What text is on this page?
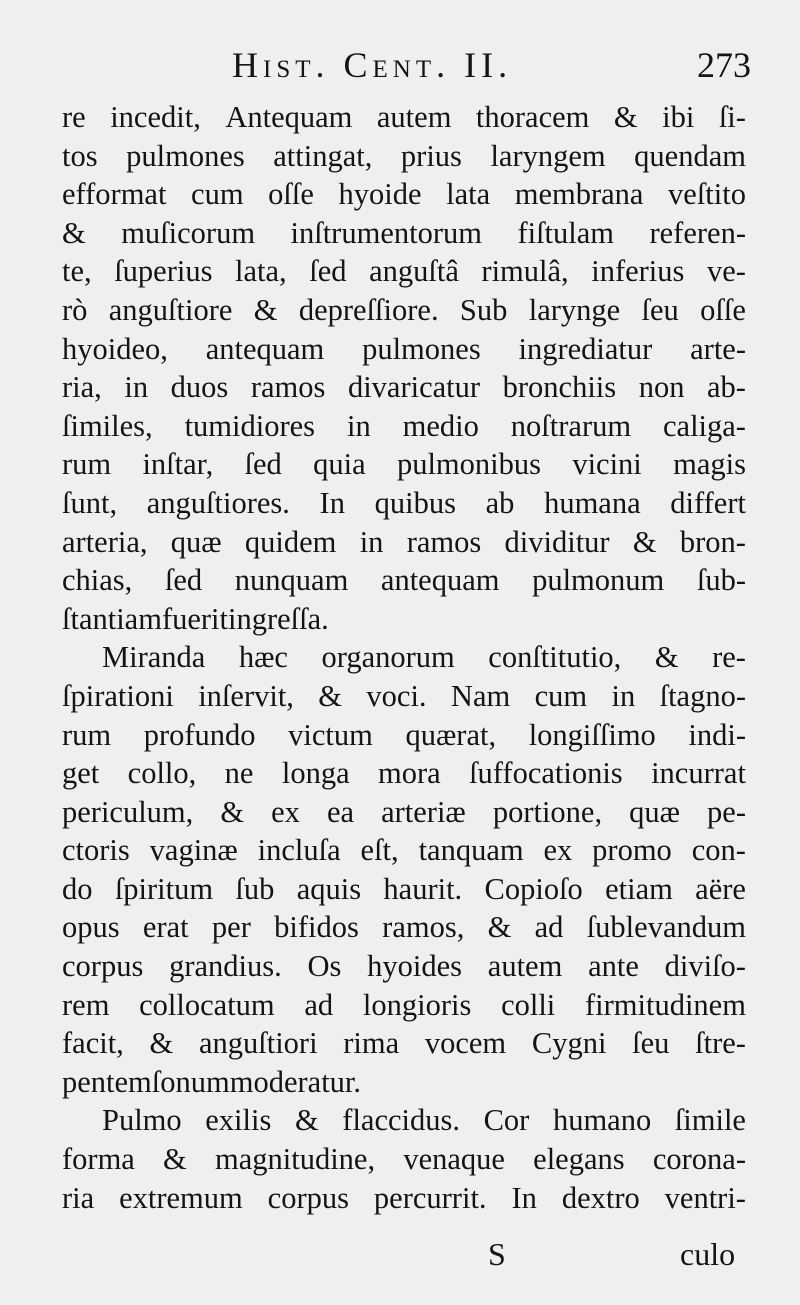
Hist. Cent. II.	273
re incedit, Antequam autem thoracem & ibi ſi-
tos pulmones attingat, prius laryngem quendam
efformat cum oſſe hyoide lata membrana veſtito
& muſicorum inſtrumentorum fiſtulam referen-
te, ſuperius lata, ſed anguſtâ rimulâ, inferius ve-
rò anguſtiore & depreſſiore. Sub larynge ſeu oſſe
hyoideo, antequam pulmones ingrediatur arte-
ria, in duos ramos divaricatur bronchiis non ab-
ſimiles, tumidiores in medio noſtrarum caliga-
rum inſtar, ſed quia pulmonibus vicini magis
ſunt, anguſtiores. In quibus ab humana differt
arteria, quæ quidem in ramos dividitur & bron-
chias, ſed nunquam antequam pulmonum ſub-
ſtantiam fuerit ingreſſa.
Miranda hæc organorum conſtitutio, & re-
ſpirationi inſervit, & voci. Nam cum in ſtagno-
rum profundo victum quærat, longiſſimo indi-
get collo, ne longa mora ſuffocationis incurrat
periculum, & ex ea arteriæ portione, quæ pe-
ctoris vaginæ incluſa eſt, tanquam ex promo con-
do ſpiritum ſub aquis haurit. Copioſo etiam aëre
opus erat per bifidos ramos, & ad ſublevandum
corpus grandius. Os hyoides autem ante diviſo-
rem collocatum ad longioris colli firmitudinem
facit, & anguſtiori rima vocem Cygni ſeu ſtre-
pentem ſonum moderatur.
Pulmo exilis & flaccidus. Cor humano ſimile
forma & magnitudine, venaque elegans corona-
ria extremum corpus percurrit. In dextro ventri-
S	culo
